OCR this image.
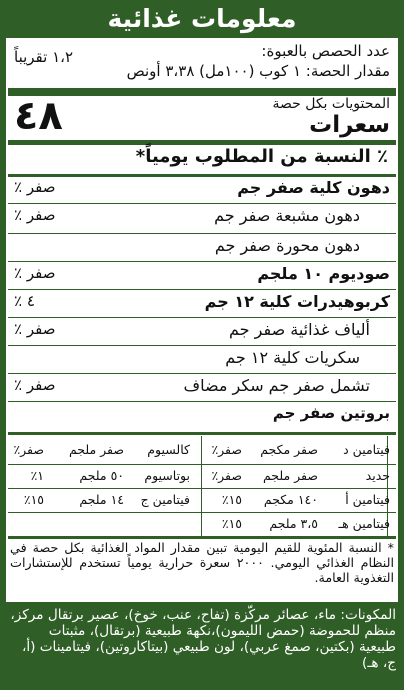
معلومات غذائية
عدد الحصص بالعبوة:
١،٢ تقريباً
مقدار الحصة: ١ كوب (١٠٠مل) ٣،٣٨ أونص
المحتويات بكل حصة
سعرات
٤٨
٪ النسبة من المطلوب يومياً*
دهون كلية صفر جم
صفر ٪
دهون مشبعة صفر جم
صفر ٪
دهون محورة صفر جم
صوديوم ١٠ ملجم
صفر ٪
كربوهيدرات كلية ١٢ جم
٤ ٪
ألياف غذائية صفر جم
صفر ٪
سكريات كلية ١٢ جم
تشمل صفر جم سكر مضاف
صفر ٪
بروتين صفر جم
فيتامين د
صفر مكجم
صفر٪
كالسيوم
صفر ملجم
صفر٪
حديد
صفر ملجم
صفر٪
بوتاسيوم
٥٠ ملجم
١٪
فيتامين أ
١٤٠ مكجم
١٥٪
فيتامين ج
١٤ ملجم
١٥٪
فيتامين هـ
٣،٥ ملجم
١٥٪
* النسبة المئوية للقيم اليومية تبين مقدار المواد الغذائية بكل حصة في النظام الغذائي اليومي. ٢٠٠٠ سعرة حرارية يومياً تستخدم للإستشارات التغذوية العامة.
المكونات: ماء، عصائر مركّزة (تفاح، عنب، خوخ)، عصير برتقال مركز، منظم للحموضة (حمض الليمون)،نكهة طبيعية (برتقال)، مثبتات طبيعية (بكتين، صمغ عربي)، لون طبيعي (بيتاكاروتين)، فيتامينات (أ، ج، هـ)
